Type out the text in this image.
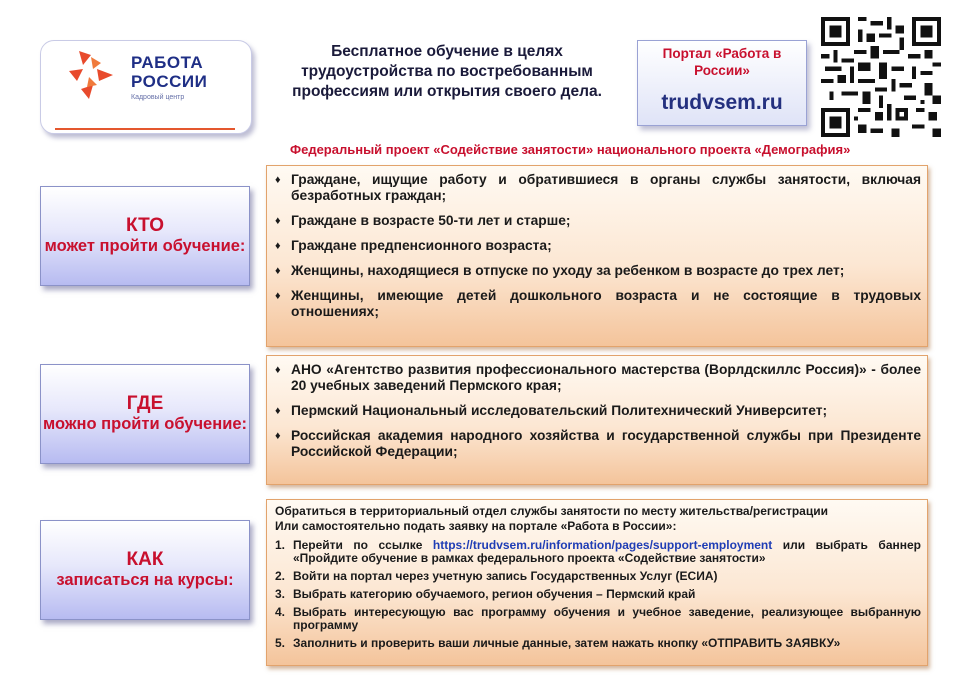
РАБОТА
РОССИИ
Кадровый центр
Бесплатное обучение в целях трудоустройства по востребованным профессиям или открытия своего дела.
Портал «Работа в России»
trudvsem.ru
Федеральный проект «Содействие занятости» национального проекта «Демография»
КТО
может пройти обучение:
♦ Граждане, ищущие работу и обратившиеся в органы службы занятости, включая безработных граждан;
♦ Граждане в возрасте 50-ти лет и старше;
♦ Граждане предпенсионного возраста;
♦ Женщины, находящиеся в отпуске по уходу за ребенком в возрасте до трех лет;
♦ Женщины, имеющие детей дошкольного возраста и не состоящие в трудовых отношениях;
ГДЕ
можно пройти обучение:
♦ АНО «Агентство развития профессионального мастерства (Ворлдскиллс Россия)» - более 20 учебных заведений Пермского края;
♦ Пермский Национальный исследовательский Политехнический Университет;
♦ Российская академия народного хозяйства и государственной службы при Президенте Российской Федерации;
КАК
записаться на курсы:
Обратиться в территориальный отдел службы занятости по месту жительства/регистрации
Или самостоятельно подать заявку на портале «Работа в России»:
1. Перейти по ссылке https://trudvsem.ru/information/pages/support-employment или выбрать баннер «Пройдите обучение в рамках федерального проекта «Содействие занятости»
2. Войти на портал через учетную запись Государственных Услуг (ЕСИА)
3. Выбрать категорию обучаемого, регион обучения – Пермский край
4. Выбрать интересующую вас программу обучения и учебное заведение, реализующее выбранную программу
5. Заполнить и проверить ваши личные данные, затем нажать кнопку «ОТПРАВИТЬ ЗАЯВКУ»
